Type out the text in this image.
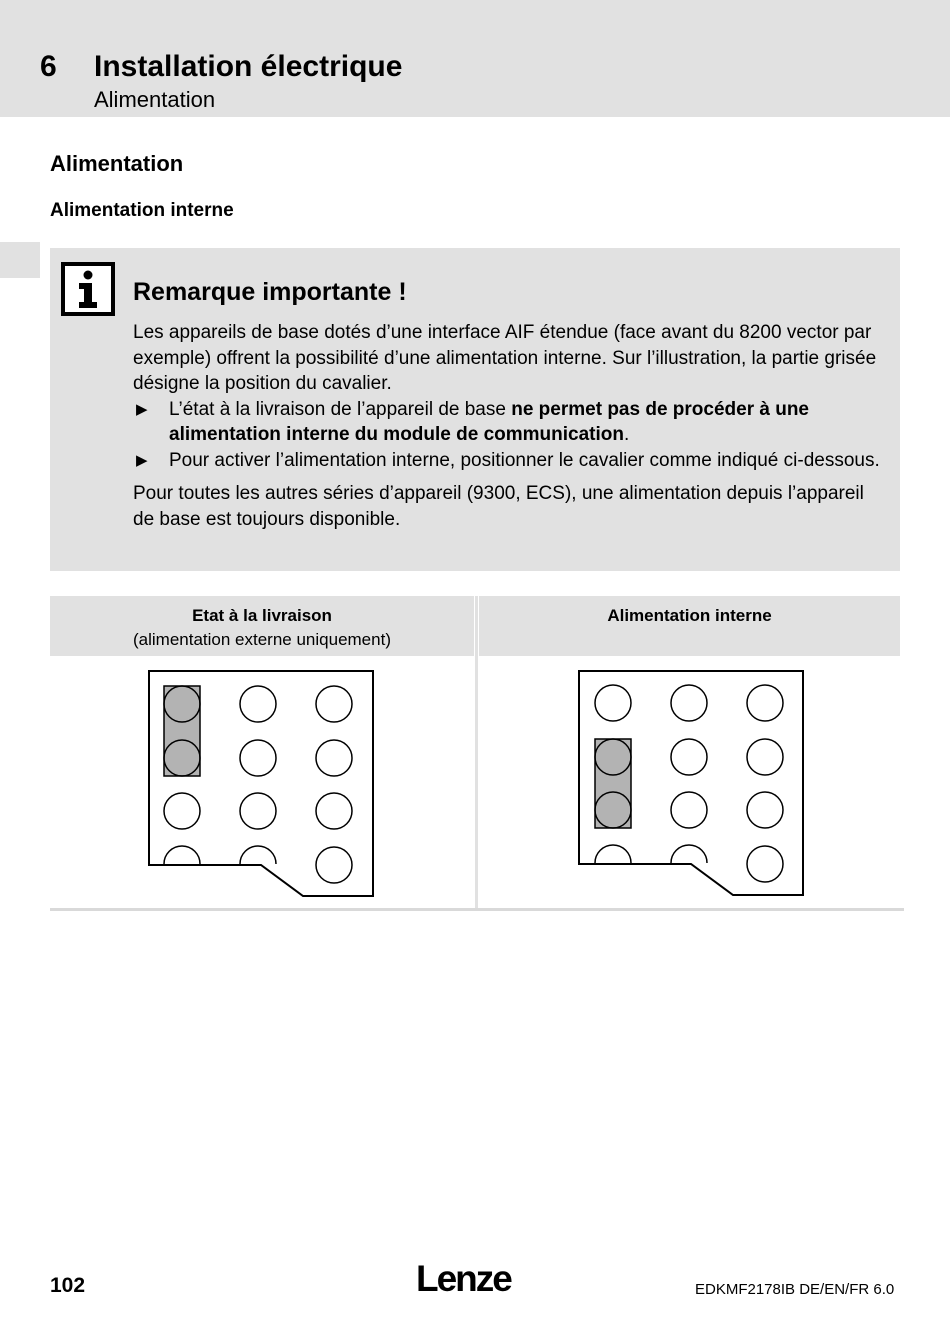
6 Installation électrique
Alimentation
Alimentation
Alimentation interne
Remarque importante !

Les appareils de base dotés d’une interface AIF étendue (face avant du 8200 vector par exemple) offrent la possibilité d’une alimentation interne. Sur l’illustration, la partie grisée désigne la position du cavalier.

▶ L’état à la livraison de l’appareil de base ne permet pas de procéder à une alimentation interne du module de communication.

▶ Pour activer l’alimentation interne, positionner le cavalier comme indiqué ci-dessous.

Pour toutes les autres séries d’appareil (9300, ECS), une alimentation depuis l’appareil de base est toujours disponible.

Etat à la livraison
(alimentation externe uniquement)
Alimentation interne
102	Lenze	EDKMF2178IB DE/EN/FR 6.0
